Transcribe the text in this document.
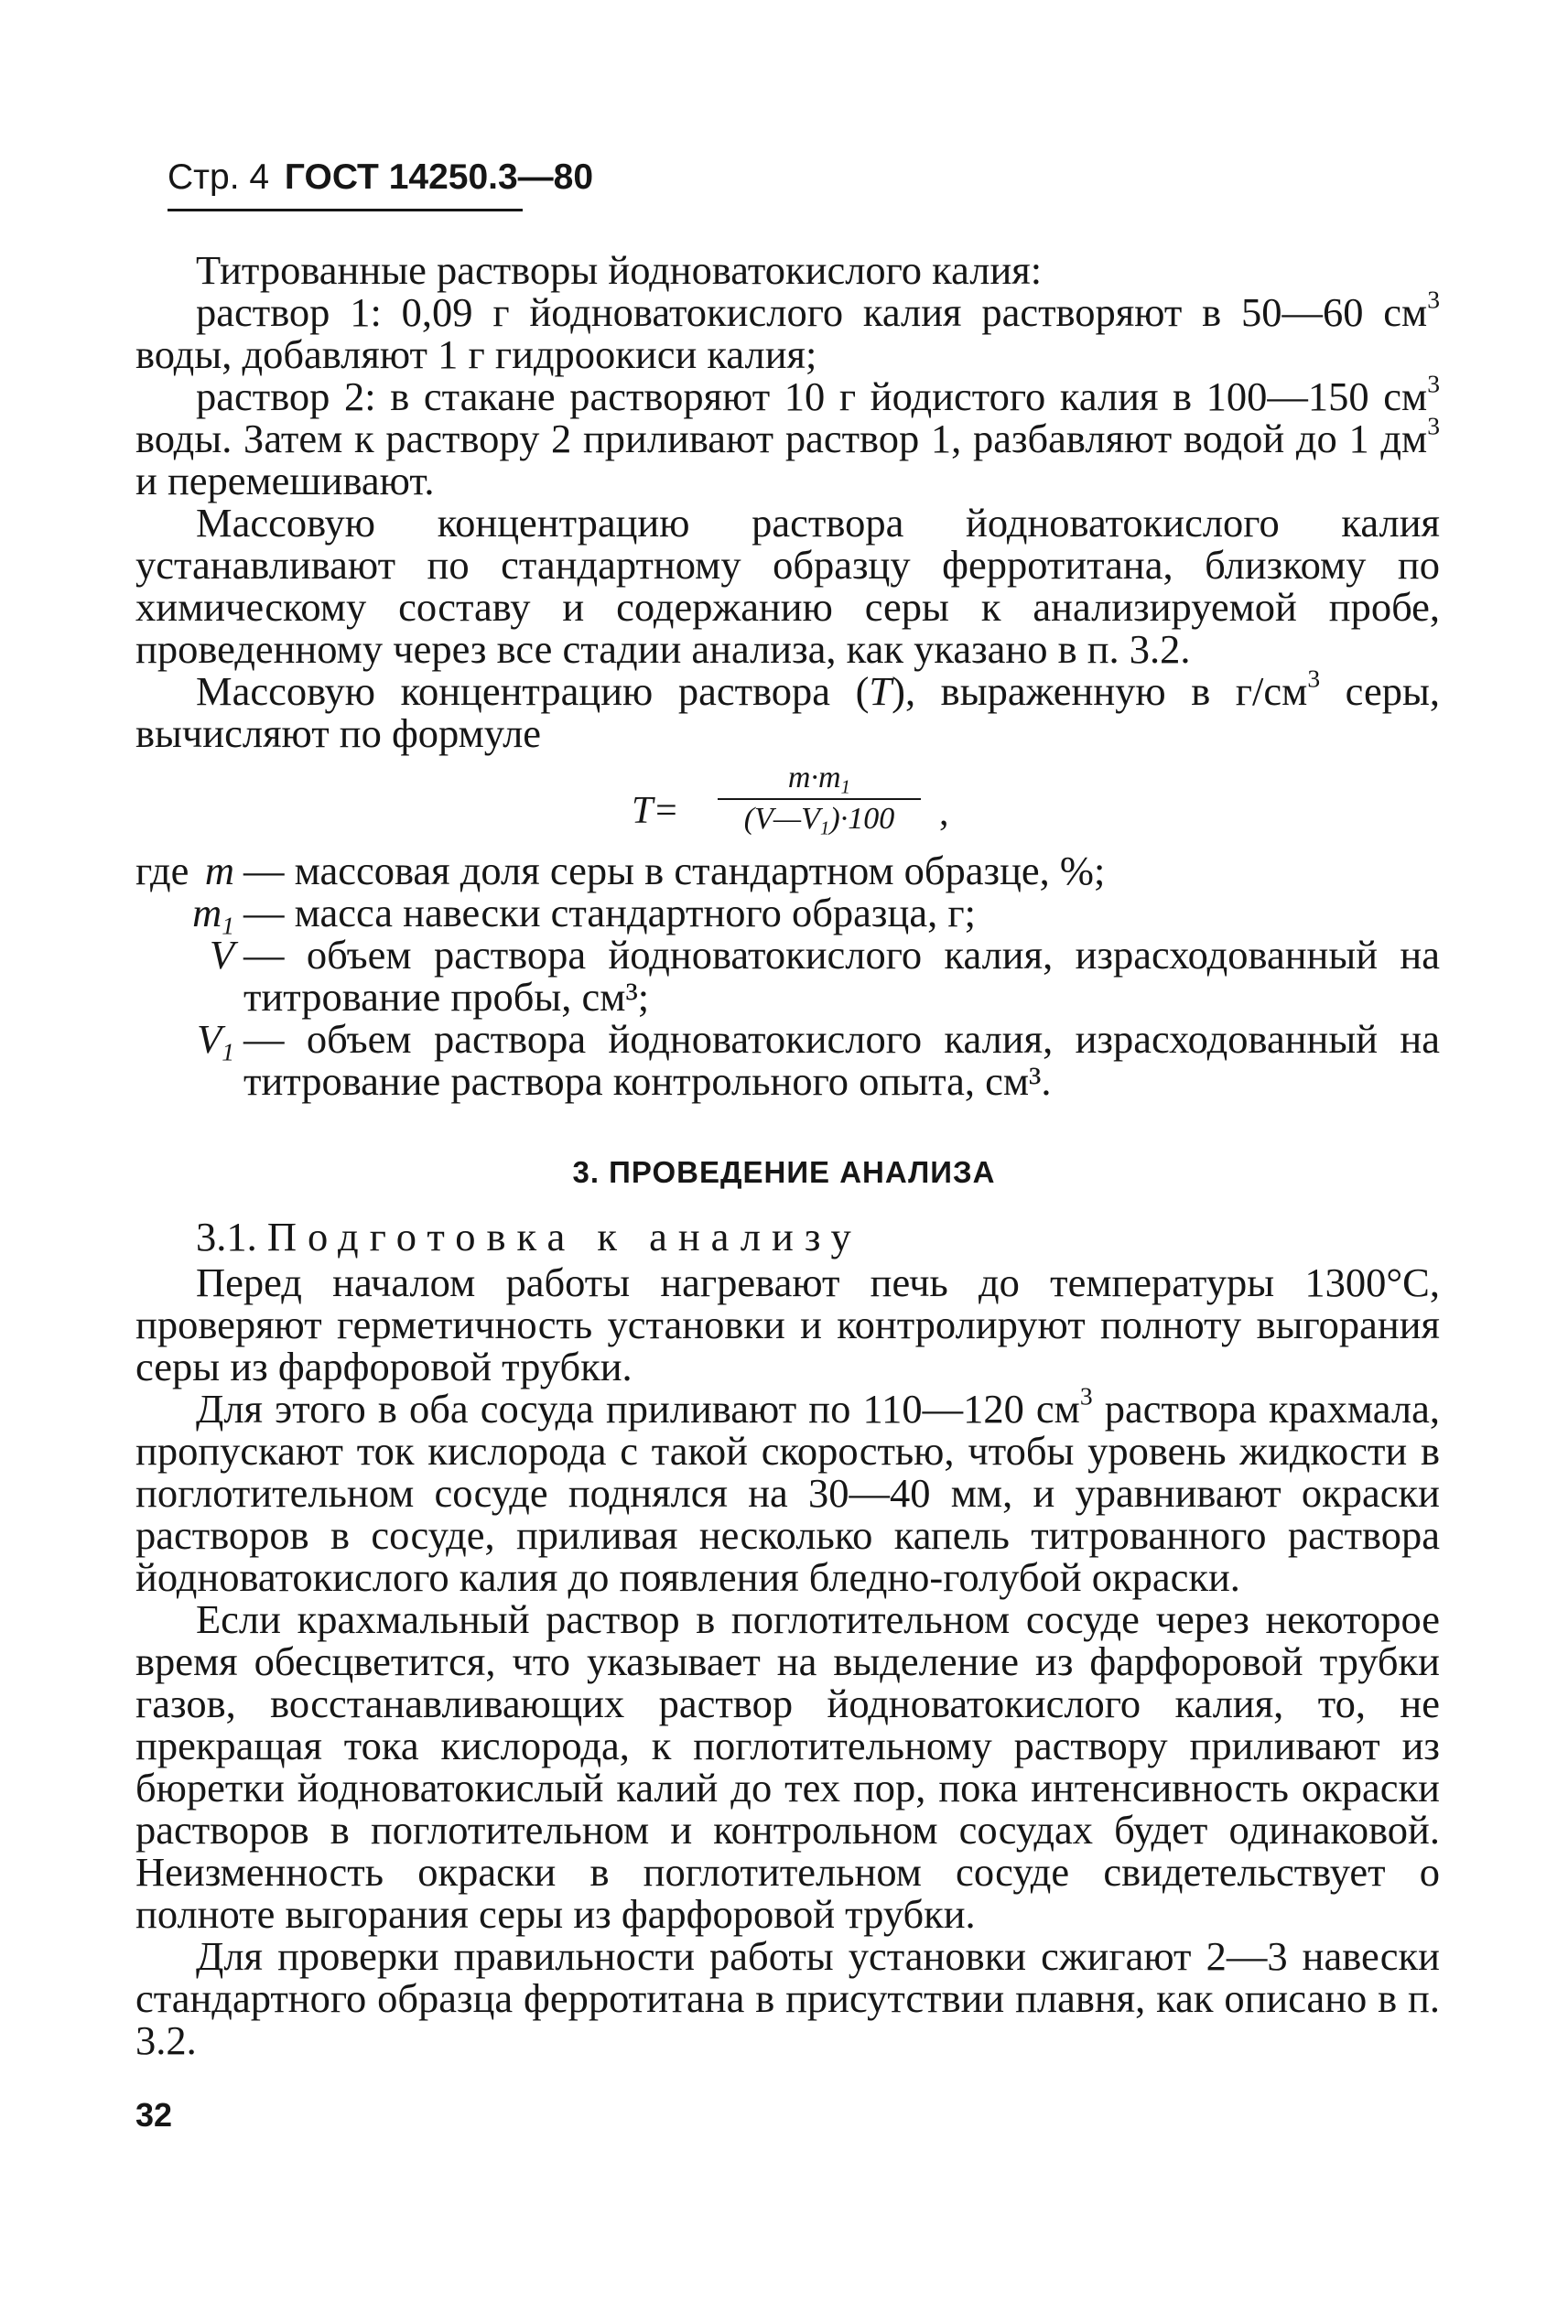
Стр. 4 ГОСТ 14250.3—80

Титрованные растворы йодноватокислого калия:

раствор 1: 0,09 г йодноватокислого калия растворяют в 50—60 $см^3$ воды, добавляют 1 г гидроокиси калия;

раствор 2: в стакане растворяют 10 г йодистого калия в 100—150 $см^3$ воды. Затем к раствору 2 приливают раствор 1, разбавляют водой до 1 $дм^3$ и перемешивают.

Массовую концентрацию раствора йодноватокислого калия устанавливают по стандартному образцу ферротитана, близкому по химическому составу и содержанию серы к анализируемой пробе, проведенному через все стадии анализа, как указано в п. 3.2.

Массовую концентрацию раствора (T), выраженную в $г/см^3$ серы, вычисляют по формуле

$T= \frac{m\cdot m_1}{(V—V_1)\cdot 100}$ ,
где m — массовая доля серы в стандартном образце, %;
$m_1$ — масса навески стандартного образца, г;
V — объем раствора йодноватокислого калия, израсходованный на титрование пробы, см³;
$V_1$ — объем раствора йодноватокислого калия, израсходованный на титрование раствора контрольного опыта, см³.
3. ПРОВЕДЕНИЕ АНАЛИЗА
3.1. Подготовка к анализу

Перед началом работы нагревают печь до температуры 1300°С, проверяют герметичность установки и контролируют полноту выгорания серы из фарфоровой трубки.

Для этого в оба сосуда приливают по 110—120 $см^3$ раствора крахмала, пропускают ток кислорода с такой скоростью, чтобы уровень жидкости в поглотительном сосуде поднялся на 30—40 мм, и уравнивают окраски растворов в сосуде, приливая несколько капель титрованного раствора йодноватокислого калия до появления бледно-голубой окраски.

Если крахмальный раствор в поглотительном сосуде через некоторое время обесцветится, что указывает на выделение из фарфоровой трубки газов, восстанавливающих раствор йодноватокислого калия, то, не прекращая тока кислорода, к поглотительному раствору приливают из бюретки йодноватокислый калий до тех пор, пока интенсивность окраски растворов в поглотительном и контрольном сосудах будет одинаковой. Неизменность окраски в поглотительном сосуде свидетельствует о полноте выгорания серы из фарфоровой трубки.

Для проверки правильности работы установки сжигают 2—3 навески стандартного образца ферротитана в присутствии плавня, как описано в п. 3.2.

32
